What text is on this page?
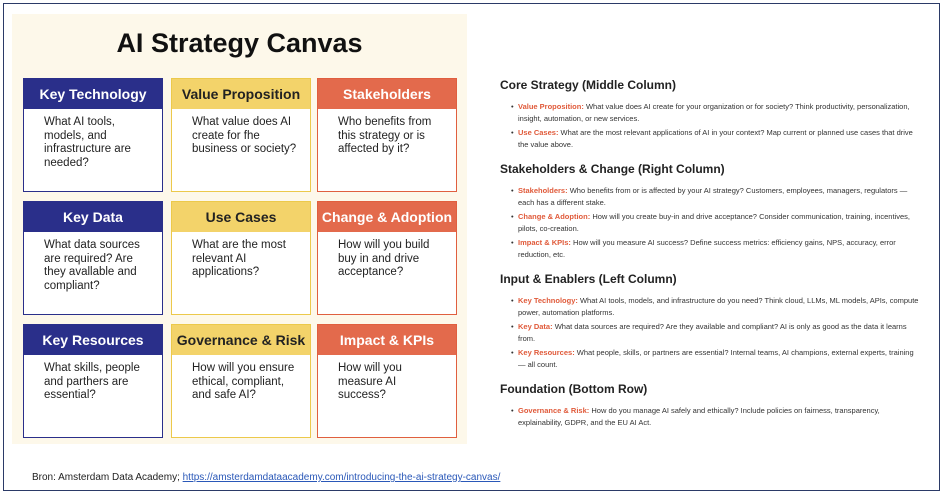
AI Strategy Canvas
Key Technology
What AI tools, models, and infrastructure are needed?
Value Proposition
What value does AI create for fhe business or society?
Stakeholders
Who benefits from this strategy or is affected by it?
Key Data
What data sources are required? Are they avallable and compliant?
Use Cases
What are the most relevant AI applications?
Change & Adoption
How will you build buy in and drive acceptance?
Key Resources
What skills, people and parthers are essential?
Governance & Risk
How will you ensure ethical, compliant, and safe AI?
Impact & KPIs
How will you measure AI success?
Core Strategy (Middle Column)
• Value Proposition: What value does AI create for your organization or for society? Think productivity, personalization, insight, automation, or new services.
• Use Cases: What are the most relevant applications of AI in your context? Map current or planned use cases that drive the value above.
Stakeholders & Change (Right Column)
• Stakeholders: Who benefits from or is affected by your AI strategy? Customers, employees, managers, regulators — each has a different stake.
• Change & Adoption: How will you create buy-in and drive acceptance? Consider communication, training, incentives, pilots, co-creation.
• Impact & KPIs: How will you measure AI success? Define success metrics: efficiency gains, NPS, accuracy, error reduction, etc.
Input & Enablers (Left Column)
• Key Technology: What AI tools, models, and infrastructure do you need? Think cloud, LLMs, ML models, APIs, compute power, automation platforms.
• Key Data: What data sources are required? Are they available and compliant? AI is only as good as the data it learns from.
• Key Resources: What people, skills, or partners are essential? Internal teams, AI champions, external experts, training — all count.
Foundation (Bottom Row)
• Governance & Risk: How do you manage AI safely and ethically? Include policies on fairness, transparency, explainability, GDPR, and the EU AI Act.
Bron: Amsterdam Data Academy; https://amsterdamdataacademy.com/introducing-the-ai-strategy-canvas/
